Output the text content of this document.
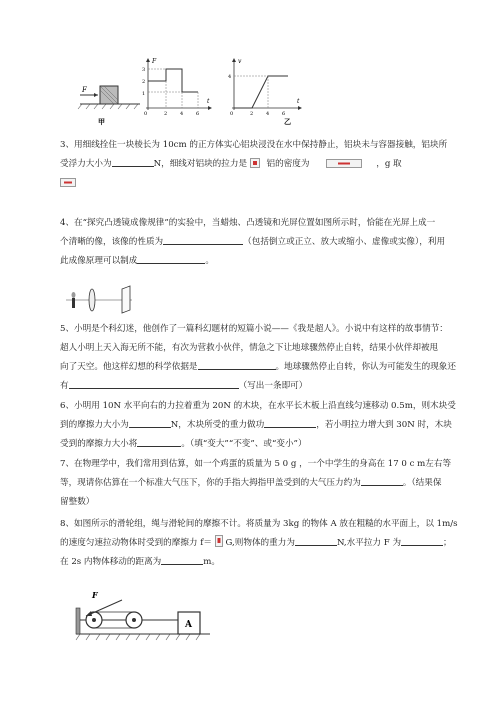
F
甲
F
t
3
2
1
0	2	4	6
v
t
4
0	2	4	6
乙

3、用细线拴住一块棱长为 10cm 的正方体实心铝块浸没在水中保持静止，铝块未与容器接触，铝块所

受浮力大小为	N，细线对铝块的拉力是 铝的密度为	，g 取

4、在“探究凸透镜成像规律”的实验中，当蜡烛、凸透镜和光屏位置如图所示时，恰能在光屏上成一

个清晰的像，该像的性质为	（包括倒立或正立、放大或缩小、虚像或实像），利用

此成像原理可以制成	。

5、小明是个科幻迷，他创作了一篇科幻题材的短篇小说——《我是超人》。小说中有这样的故事情节：

超人小明上天入海无所不能，有次为营救小伙伴，情急之下让地球骤然停止自转，结果小伙伴却被甩

向了天空。他这样幻想的科学依据是	。地球骤然停止自转，你认为可能发生的现象还

有	（写出一条即可）

6、小明用 10N 水平向右的力拉着重为 20N 的木块，在水平长木板上沿直线匀速移动 0.5m，则木块受

到的摩擦力大小为	N，木块所受的重力做功	，若小明拉力增大到 30N 时，木块

受到的摩擦力大小将	。（填“变大”“不变”、或“变小”）

7、在物理学中，我们常用到估算，如一个鸡蛋的质量为 5 0 g ，一个中学生的身高在 17 0 c m左右等

等，现请你估算在一个标准大气压下，你的手指大拇指甲盖受到的大气压力约为	。（结果保

留整数）

8、如图所示的滑轮组，绳与滑轮间的摩擦不计。将质量为 3kg 的物体 A 放在粗糙的水平面上，以 1m/s

的速度匀速拉动物体时受到的摩擦力 f＝ G,则物体的重力为	N,水平拉力 F 为	；

在 2s 内物体移动的距离为	m。

F
A
